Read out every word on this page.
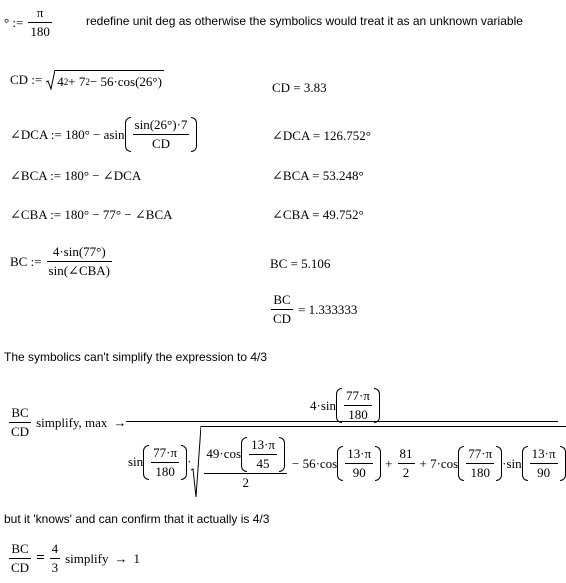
° := $\frac{\pi}{180}$	redefine unit deg as otherwise the symbolics would treat it as an unknown variable
CD := 4 2 + 7 2 − 56·cos(26°)	CD = 3.83
∠DCA := 180° − asin $\frac{\sin(26^\circ)\cdot 7}{CD}$	∠DCA = 126.752°
∠BCA := 180° − ∠DCA	∠BCA = 53.248°
∠CBA := 180° − 77° − ∠BCA	∠CBA = 49.752°
BC := $\frac{4\cdot\sin(77^\circ)}{\text{sin(∠CBA)}}$	BC = 5.106
$\frac{BC}{CD} = 1.333333$
The symbolics can't simplify the expression to 4/3
$\frac{BC}{CD}$ simplify, max →
$4\cdot\sin \frac{77\cdot\pi}{180}$
$\sin \frac{77\cdot\pi}{180}$ ·
$49\cdot\cos \frac{13\cdot\pi}{45}$
2
− $56\cdot\cos \frac{13\cdot\pi}{90} + \frac{81}{2} + 7\cdot\cos \frac{77\cdot\pi}{180} \cdot\sin \frac{13\cdot\pi}{90}$
but it 'knows' and can confirm that it actually is 4/3
$\frac{BC}{CD} = \frac{4}{3}$ simplify → 1
